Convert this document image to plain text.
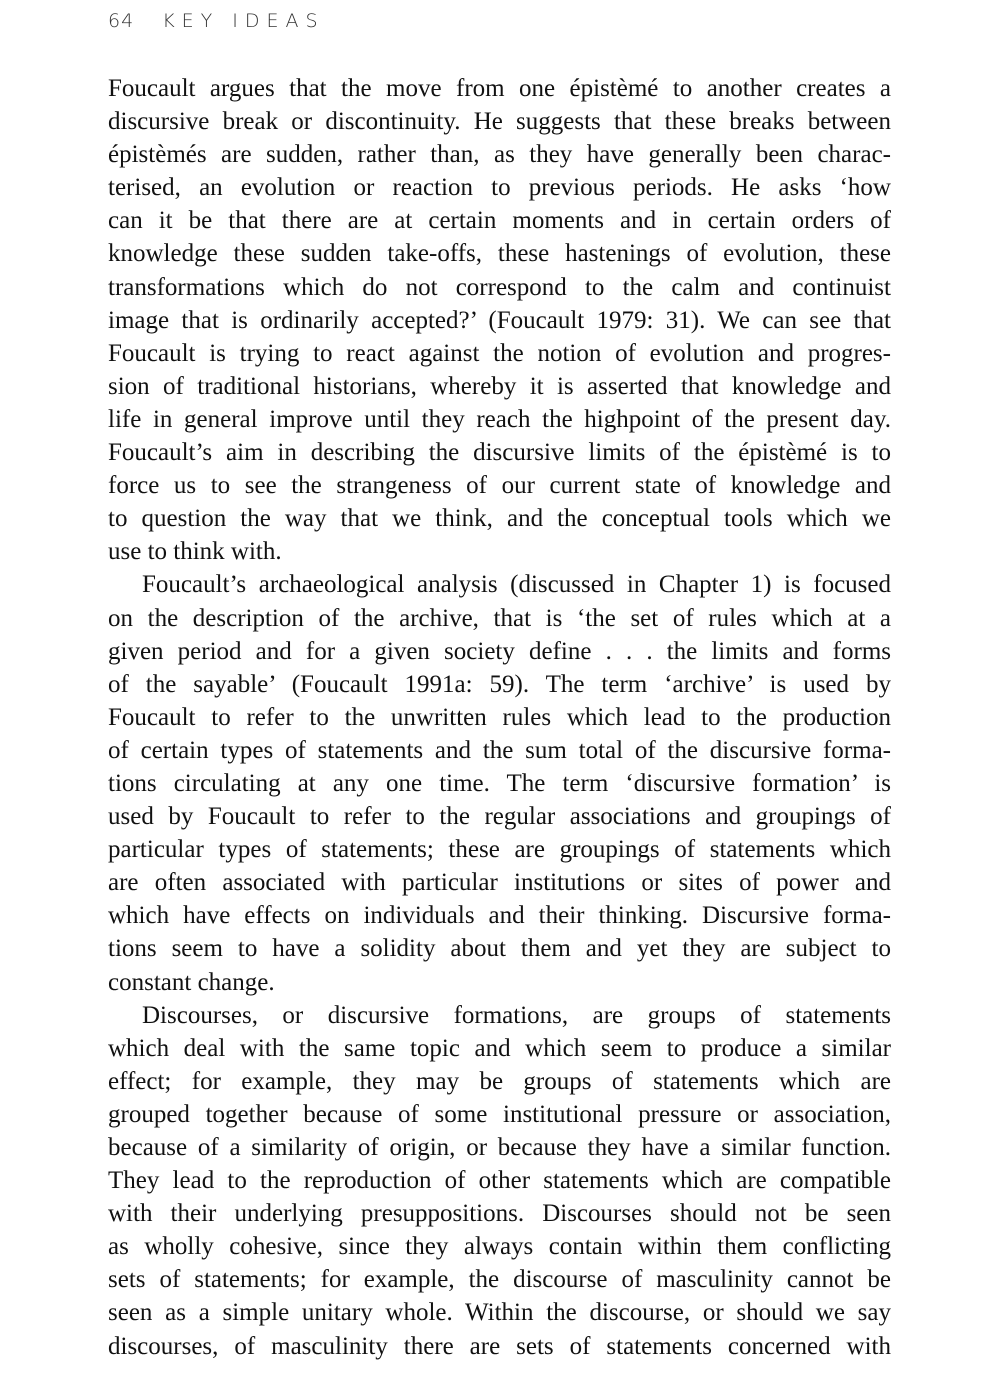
64 KEY IDEAS
Foucault argues that the move from one épistèmé to another creates a
discursive break or discontinuity. He suggests that these breaks between
épistèmés are sudden, rather than, as they have generally been charac-
terised, an evolution or reaction to previous periods. He asks ‘how
can it be that there are at certain moments and in certain orders of
knowledge these sudden take-offs, these hastenings of evolution, these
transformations which do not correspond to the calm and continuist
image that is ordinarily accepted?’ (Foucault 1979: 31). We can see that
Foucault is trying to react against the notion of evolution and progres-
sion of traditional historians, whereby it is asserted that knowledge and
life in general improve until they reach the highpoint of the present day.
Foucault’s aim in describing the discursive limits of the épistèmé is to
force us to see the strangeness of our current state of knowledge and
to question the way that we think, and the conceptual tools which we
use to think with.
Foucault’s archaeological analysis (discussed in Chapter 1) is focused
on the description of the archive, that is ‘the set of rules which at a
given period and for a given society define . . . the limits and forms
of the sayable’ (Foucault 1991a: 59). The term ‘archive’ is used by
Foucault to refer to the unwritten rules which lead to the production
of certain types of statements and the sum total of the discursive forma-
tions circulating at any one time. The term ‘discursive formation’ is
used by Foucault to refer to the regular associations and groupings of
particular types of statements; these are groupings of statements which
are often associated with particular institutions or sites of power and
which have effects on individuals and their thinking. Discursive forma-
tions seem to have a solidity about them and yet they are subject to
constant change.
Discourses, or discursive formations, are groups of statements
which deal with the same topic and which seem to produce a similar
effect; for example, they may be groups of statements which are
grouped together because of some institutional pressure or association,
because of a similarity of origin, or because they have a similar function.
They lead to the reproduction of other statements which are compatible
with their underlying presuppositions. Discourses should not be seen
as wholly cohesive, since they always contain within them conflicting
sets of statements; for example, the discourse of masculinity cannot be
seen as a simple unitary whole. Within the discourse, or should we say
discourses, of masculinity there are sets of statements concerned with
